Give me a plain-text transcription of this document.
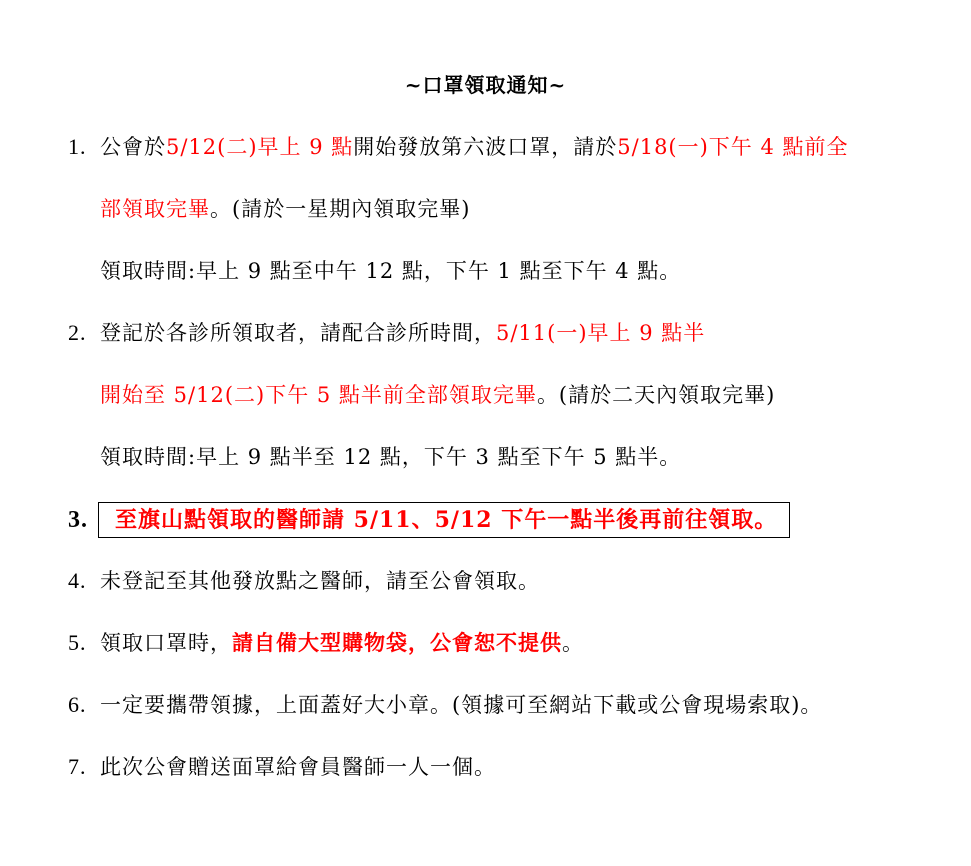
~口罩領取通知~
1. 公會於5/12(二)早上 9 點開始發放第六波口罩，請於5/18(一)下午 4 點前全
部領取完畢。(請於一星期內領取完畢)
領取時間:早上 9 點至中午 12 點，下午 1 點至下午 4 點。
2. 登記於各診所領取者，請配合診所時間，5/11(一)早上 9 點半
開始至 5/12(二)下午 5 點半前全部領取完畢。(請於二天內領取完畢)
領取時間:早上 9 點半至 12 點，下午 3 點至下午 5 點半。
3. 至旗山點領取的醫師請 5/11、5/12 下午一點半後再前往領取。
4. 未登記至其他發放點之醫師，請至公會領取。
5. 領取口罩時，請自備大型購物袋，公會恕不提供。
6. 一定要攜帶領據，上面蓋好大小章。(領據可至網站下載或公會現場索取)。
7. 此次公會贈送面罩給會員醫師一人一個。
